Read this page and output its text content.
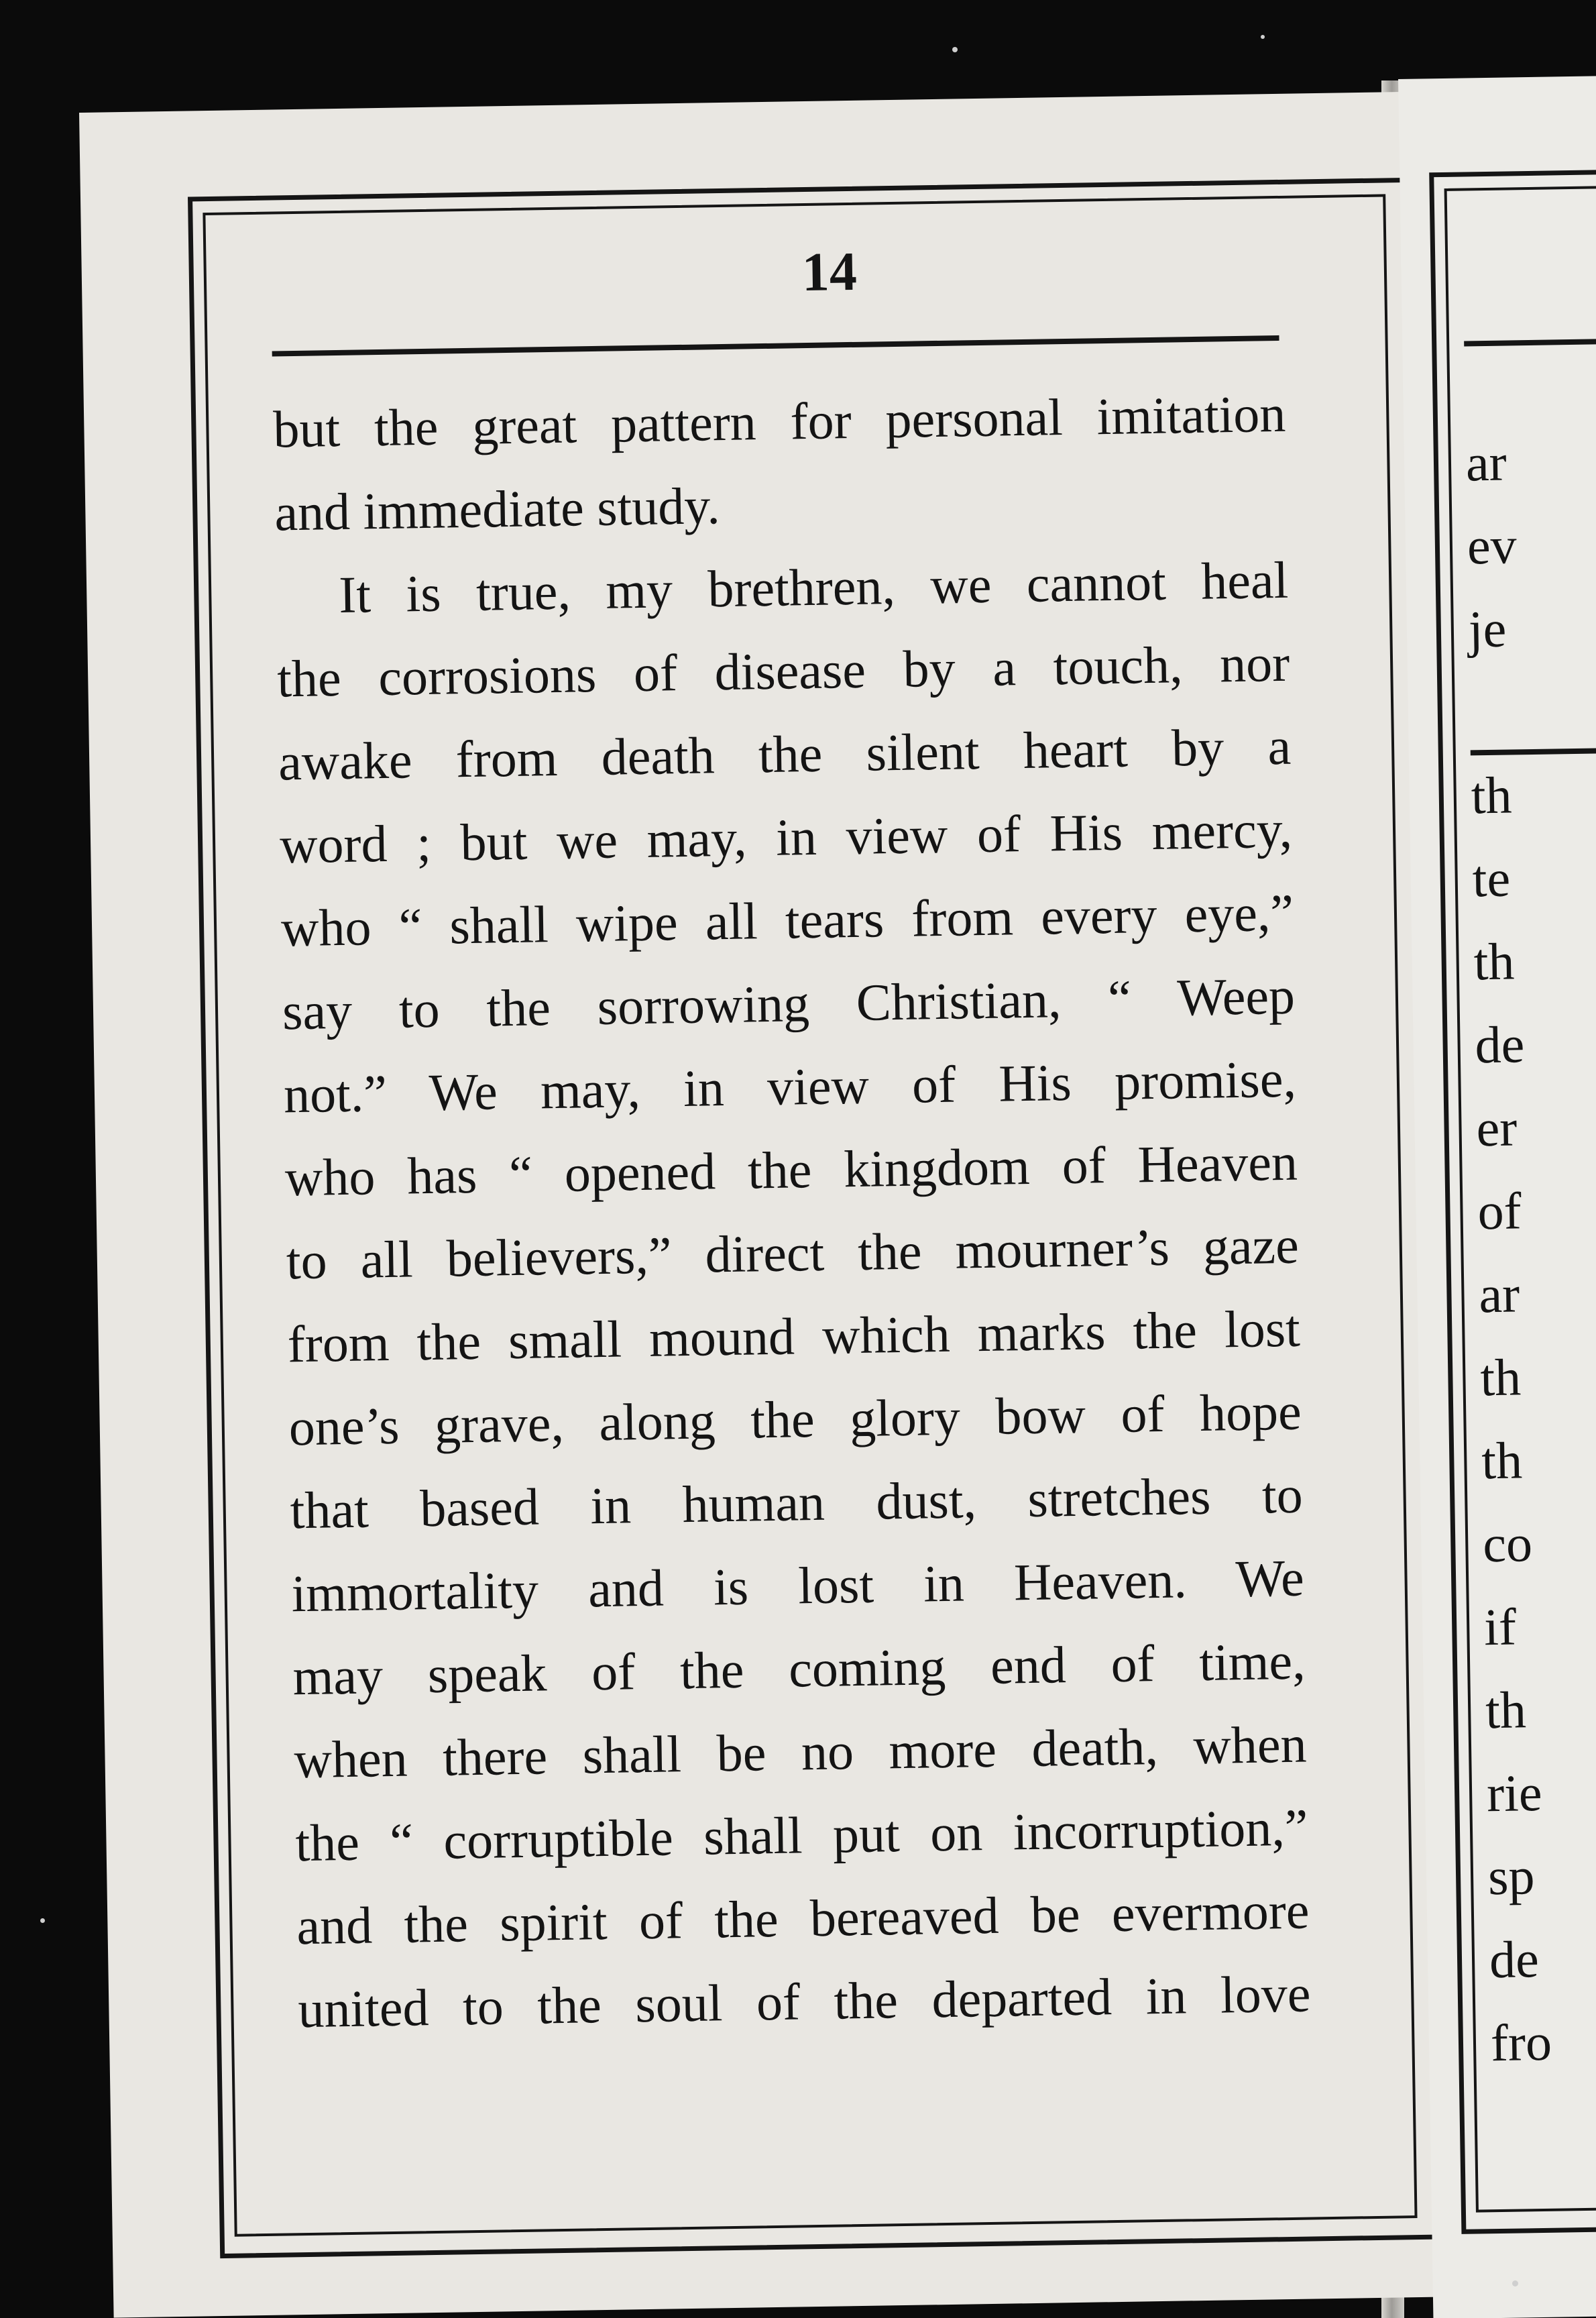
14
but the great pattern for personal imitation
and immediate study.
It is true, my brethren, we cannot heal
the corrosions of disease by a touch, nor
awake from death the silent heart by a
word ; but we may, in view of His mercy,
who “ shall wipe all tears from every eye,”
say to the sorrowing Christian, “ Weep
not.” We may, in view of His promise,
who has “ opened the kingdom of Heaven
to all believers,” direct the mourner’s gaze
from the small mound which marks the lost
one’s grave, along the glory bow of hope
that based in human dust, stretches to
immortality and is lost in Heaven. We
may speak of the coming end of time,
when there shall be no more death, when
the “ corruptible shall put on incorruption,”
and the spirit of the bereaved be evermore
united to the soul of the departed in love
ar
ev
je
th
te
th
de
er
of
ar
th
th
co
if
th
rie
sp
de
fro
